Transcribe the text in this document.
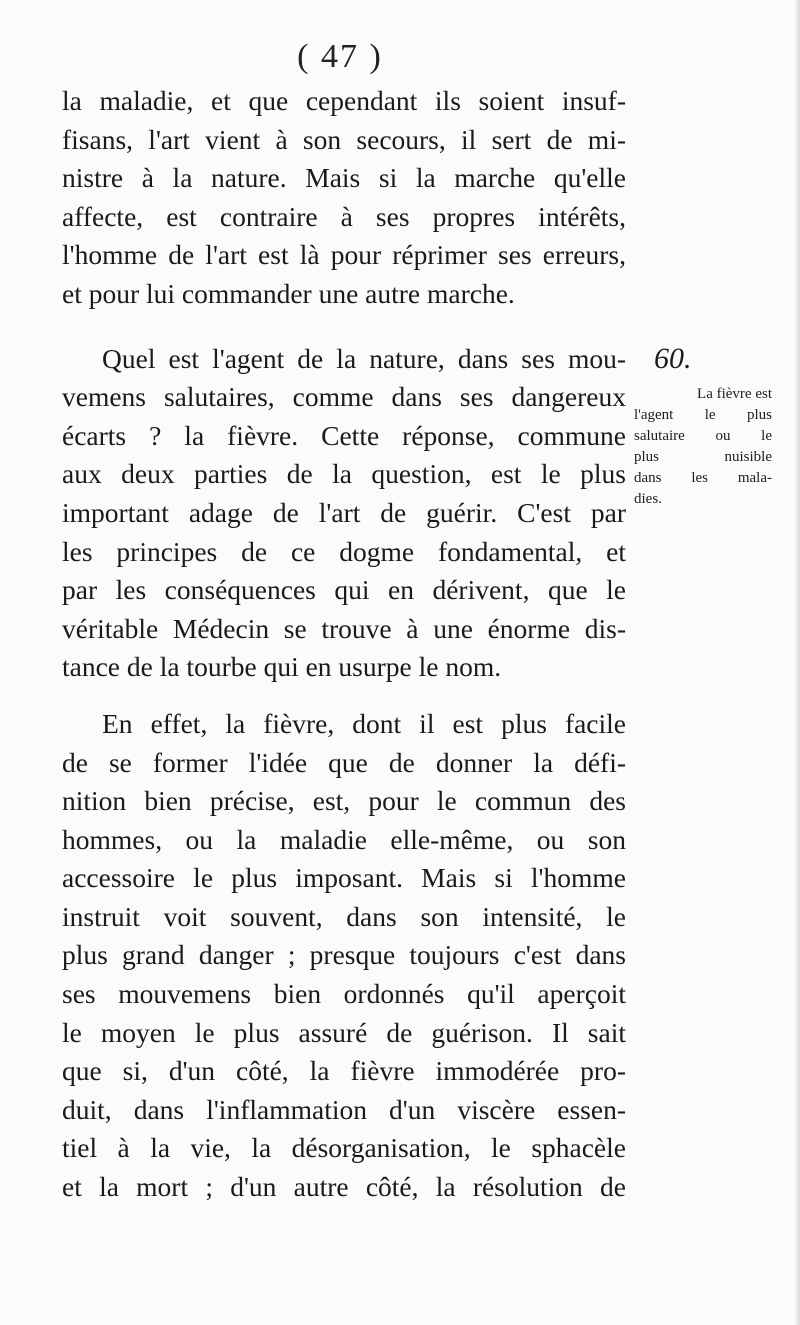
( 47 )
la maladie, et que cependant ils soient insuf-
fisans, l'art vient à son secours, il sert de mi-
nistre à la nature. Mais si la marche qu'elle
affecte, est contraire à ses propres intérêts,
l'homme de l'art est là pour réprimer ses erreurs,
et pour lui commander une autre marche.
Quel est l'agent de la nature, dans ses mou-
vemens salutaires, comme dans ses dangereux
écarts ? la fièvre. Cette réponse, commune
aux deux parties de la question, est le plus
important adage de l'art de guérir. C'est par
les principes de ce dogme fondamental, et
par les conséquences qui en dérivent, que le
véritable Médecin se trouve à une énorme dis-
tance de la tourbe qui en usurpe le nom.
En effet, la fièvre, dont il est plus facile
de se former l'idée que de donner la défi-
nition bien précise, est, pour le commun des
hommes, ou la maladie elle-même, ou son
accessoire le plus imposant. Mais si l'homme
instruit voit souvent, dans son intensité, le
plus grand danger ; presque toujours c'est dans
ses mouvemens bien ordonnés qu'il aperçoit
le moyen le plus assuré de guérison. Il sait
que si, d'un côté, la fièvre immodérée pro-
duit, dans l'inflammation d'un viscère essen-
tiel à la vie, la désorganisation, le sphacèle
et la mort ; d'un autre côté, la résolution de
60.
La fièvre est
l'agent le plus
salutaire ou le
plus nuisible
dans les mala-
dies.
